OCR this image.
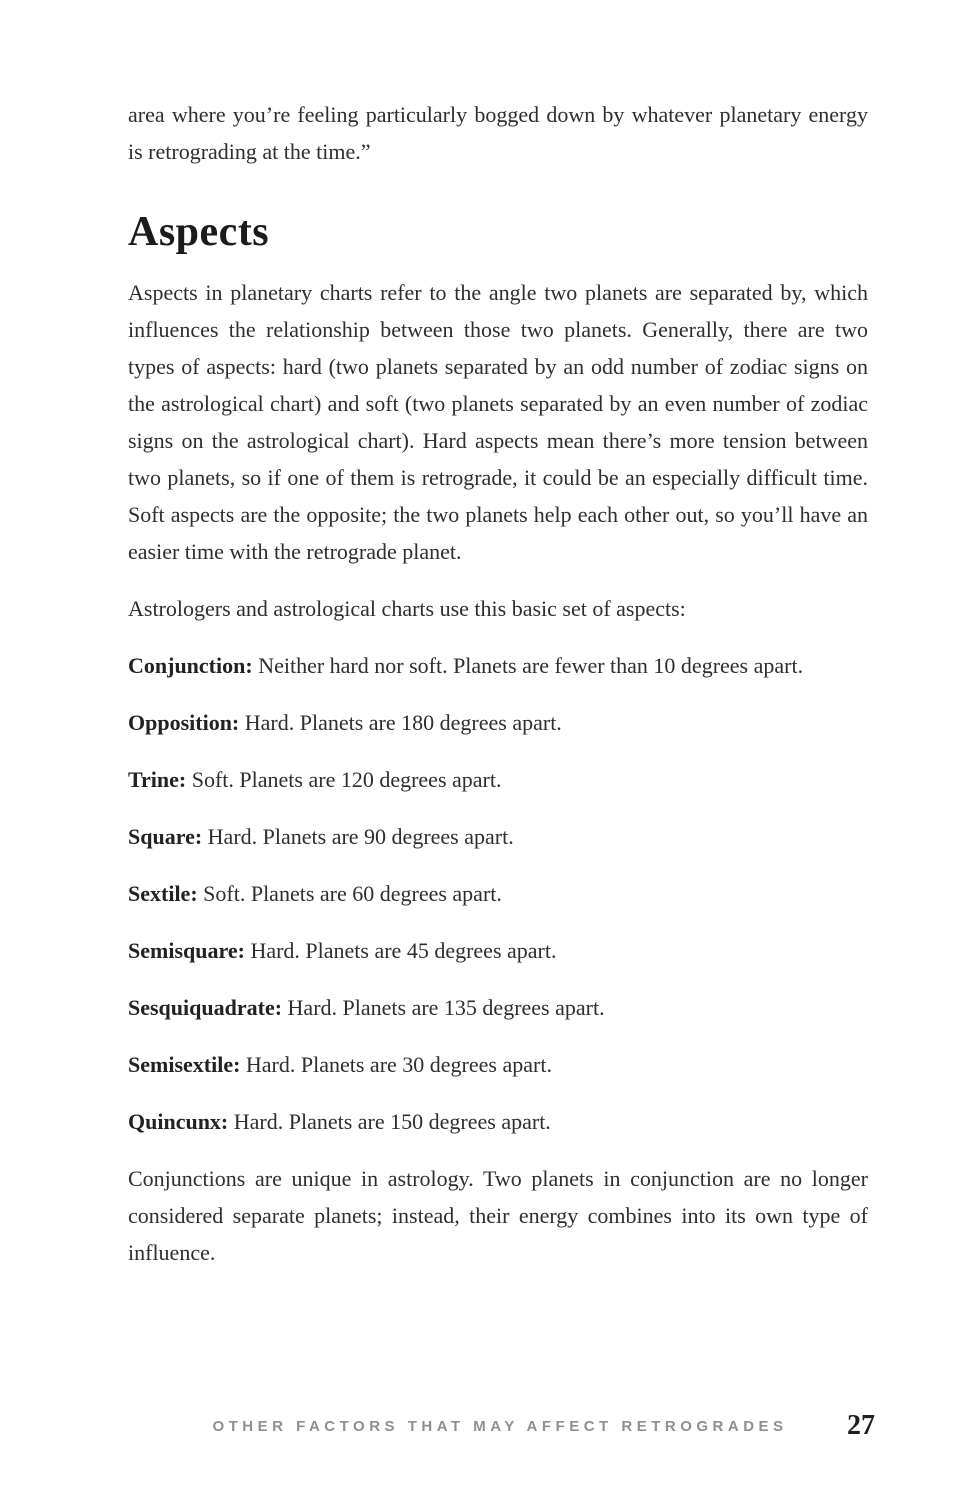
area where you’re feeling particularly bogged down by whatever planetary energy is retrograding at the time.”

Aspects

Aspects in planetary charts refer to the angle two planets are separated by, which influences the relationship between those two planets. Generally, there are two types of aspects: hard (two planets separated by an odd number of zodiac signs on the astrological chart) and soft (two planets separated by an even number of zodiac signs on the astrological chart). Hard aspects mean there’s more tension between two planets, so if one of them is retrograde, it could be an especially difficult time. Soft aspects are the opposite; the two planets help each other out, so you’ll have an easier time with the retrograde planet.

Astrologers and astrological charts use this basic set of aspects:

Conjunction: Neither hard nor soft. Planets are fewer than 10 degrees apart.

Opposition: Hard. Planets are 180 degrees apart.

Trine: Soft. Planets are 120 degrees apart.

Square: Hard. Planets are 90 degrees apart.

Sextile: Soft. Planets are 60 degrees apart.

Semisquare: Hard. Planets are 45 degrees apart.

Sesquiquadrate: Hard. Planets are 135 degrees apart.

Semisextile: Hard. Planets are 30 degrees apart.

Quincunx: Hard. Planets are 150 degrees apart.

Conjunctions are unique in astrology. Two planets in conjunction are no longer considered separate planets; instead, their energy combines into its own type of influence.

OTHER FACTORS THAT MAY AFFECT RETROGRADES 27
